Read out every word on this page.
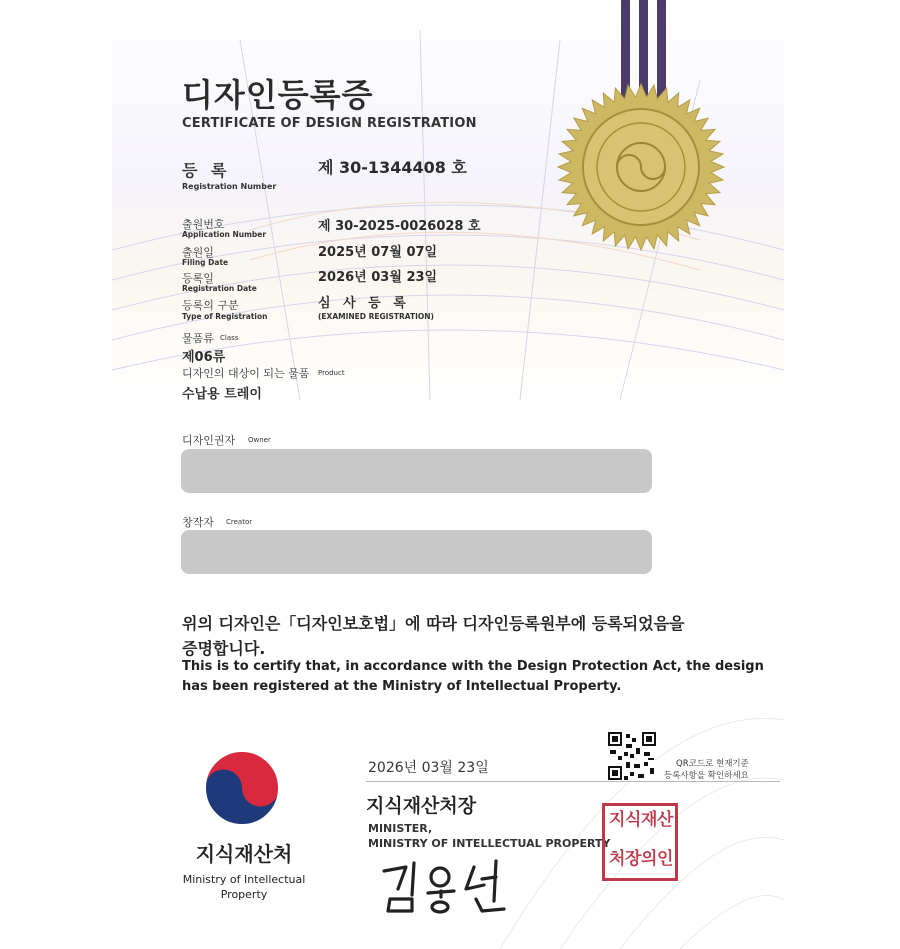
디자인등록증
CERTIFICATE OF DESIGN REGISTRATION
등 록
Registration Number
제 30-1344408 호
출원번호
Application Number
제 30-2025-0026028 호
출원일
Filing Date
2025년 07월 07일
등록일
Registration Date
2026년 03월 23일
등록의 구분
Type of Registration
심 사 등 록
(EXAMINED REGISTRATION)
물품류 Class
제06류
디자인의 대상이 되는 물품 Product
수납용 트레이
디자인권자 Owner
창작자 Creator
위의 디자인은「디자인보호법」에 따라 디자인등록원부에 등록되었음을
증명합니다.
This is to certify that, in accordance with the Design Protection Act, the design
has been registered at the Ministry of Intellectual Property.
지식재산처
Ministry of Intellectual Property
2026년 03월 23일
지식재산처장
MINISTER,
MINISTRY OF INTELLECTUAL PROPERTY
QR코드로 현재기준
등록사항을 확인하세요
지 식 재 산
처 장 의 인
